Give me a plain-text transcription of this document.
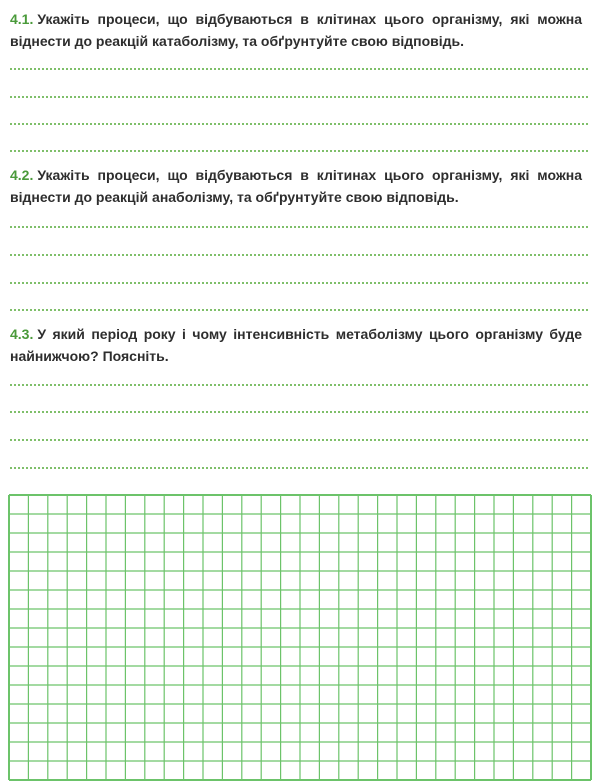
4.1. Укажіть процеси, що відбуваються в клітинах цього організму, які можна віднести до реакцій катаболізму, та обґрунтуйте свою відповідь.
4.2. Укажіть процеси, що відбуваються в клітинах цього організму, які можна віднести до реакцій анаболізму, та обґрунтуйте свою відповідь.
4.3. У який період року і чому інтенсивність метаболізму цього організму буде найнижчою? Поясніть.
